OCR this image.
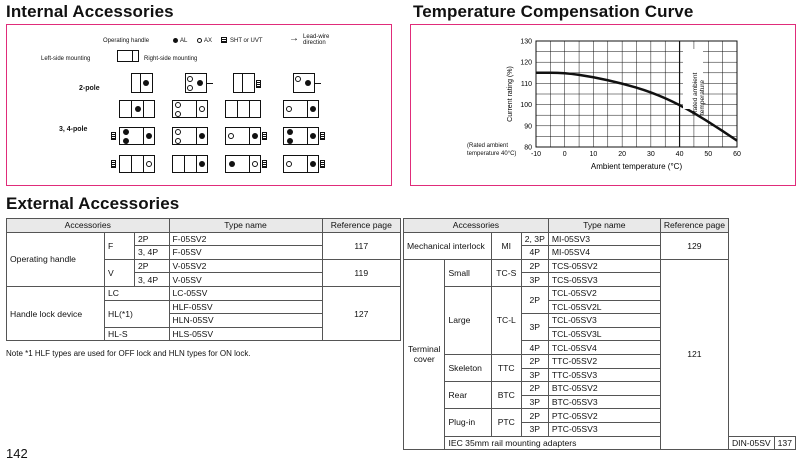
Internal Accessories
Operating handle
Left-side mounting	Right-side mounting
AL	AX	SHT or UVT	→ Lead-wire direction
2-pole
3, 4-pole
Temperature Compensation Curve
-10	0	10	20	30	40	50	60
80
90
100
110
120
130
Ambient temperature (°C)
Current rating (%)	Rated ambient temperature
(Rated ambient temperature 40°C)
External Accessories
Accessories			Type name	Reference page
Operating handle	F	2P	F-05SV2	117
		3, 4P	F-05SV	
	V	2P	V-05SV2	119
		3, 4P	V-05SV	
Handle lock device	LC		LC-05SV	127
	HL(*1)		HLF-05SV	
			HLN-05SV	
	HL-S		HLS-05SV	
Note *1 HLF types are used for OFF lock and HLN types for ON lock.
Accessories				Type name	Reference page		
Mechanical interlock		MI	2, 3P	MI-05SV3	129		
			4P	MI-05SV4			
Terminal cover	Small	TC-S	2P	TCS-05SV2	121		
			3P	TCS-05SV3			
	Large	TC-L	2P	TCL-05SV2			
				TCL-05SV2L			
			3P	TCL-05SV3			
				TCL-05SV3L			
			4P	TCL-05SV4			
	Skeleton	TTC	2P	TTC-05SV2			
			3P	TTC-05SV3			
	Rear	BTC	2P	BTC-05SV2			
			3P	BTC-05SV3			
	Plug-in	PTC	2P	PTC-05SV2			
			3P	PTC-05SV3			
	IEC 35mm rail mounting adapters					DIN-05SV	137
142
